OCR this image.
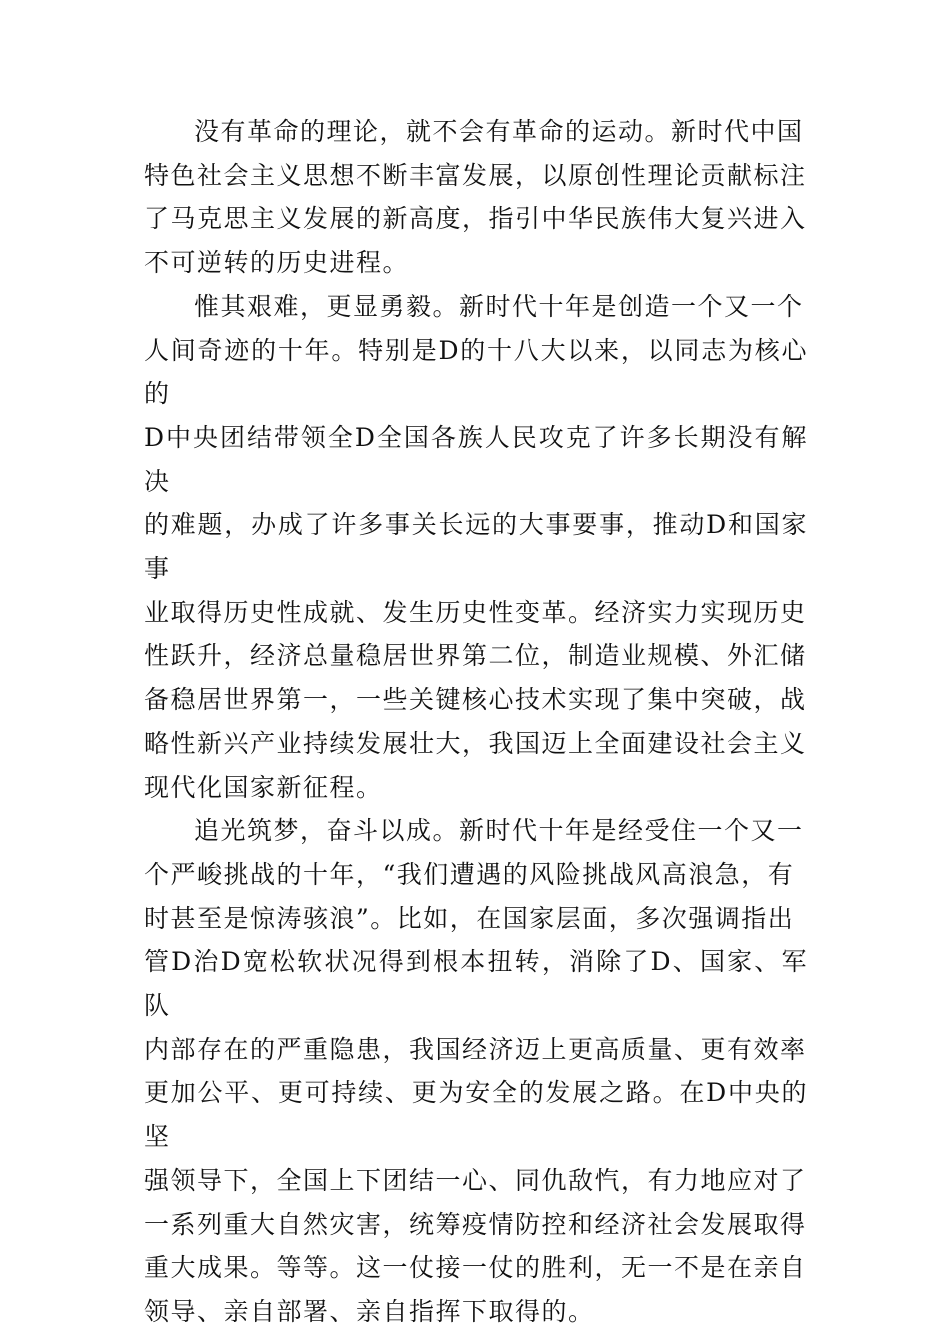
没有革命的理论，就不会有革命的运动。新时代中国
特色社会主义思想不断丰富发展，以原创性理论贡献标注
了马克思主义发展的新高度，指引中华民族伟大复兴进入
不可逆转的历史进程。

惟其艰难，更显勇毅。新时代十年是创造一个又一个
人间奇迹的十年。特别是D的十八大以来，以同志为核心的
D中央团结带领全D全国各族人民攻克了许多长期没有解决
的难题，办成了许多事关长远的大事要事，推动D和国家事
业取得历史性成就、发生历史性变革。经济实力实现历史
性跃升，经济总量稳居世界第二位，制造业规模、外汇储
备稳居世界第一，一些关键核心技术实现了集中突破，战
略性新兴产业持续发展壮大，我国迈上全面建设社会主义
现代化国家新征程。

追光筑梦，奋斗以成。新时代十年是经受住一个又一
个严峻挑战的十年，“我们遭遇的风险挑战风高浪急，有
时甚至是惊涛骇浪”。比如，在国家层面，多次强调指出
管D治D宽松软状况得到根本扭转，消除了D、国家、军队
内部存在的严重隐患，我国经济迈上更高质量、更有效率
更加公平、更可持续、更为安全的发展之路。在D中央的坚
强领导下，全国上下团结一心、同仇敌忾，有力地应对了
一系列重大自然灾害，统筹疫情防控和经济社会发展取得
重大成果。等等。这一仗接一仗的胜利，无一不是在亲自
领导、亲自部署、亲自指挥下取得的。
